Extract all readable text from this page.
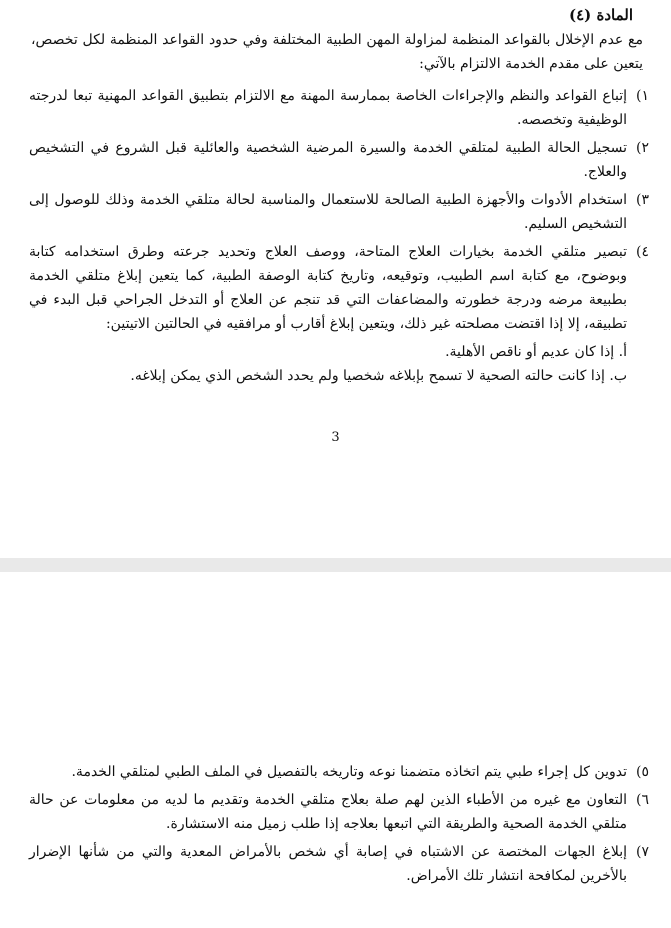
المادة (٤)

مع عدم الإخلال بالقواعد المنظمة لمزاولة المهن الطبية المختلفة وفي حدود القواعد المنظمة لكل تخصص، يتعين على مقدم الخدمة الالتزام بالآتي:

١)
إتباع القواعد والنظم والإجراءات الخاصة بممارسة المهنة مع الالتزام بتطبيق القواعد المهنية تبعا لدرجته الوظيفية وتخصصه.
٢)
تسجيل الحالة الطبية لمتلقي الخدمة والسيرة المرضية الشخصية والعائلية قبل الشروع في التشخيص والعلاج.
٣)
استخدام الأدوات والأجهزة الطبية الصالحة للاستعمال والمناسبة لحالة متلقي الخدمة وذلك للوصول إلى التشخيص السليم.
٤)
تبصير متلقي الخدمة بخيارات العلاج المتاحة، ووصف العلاج وتحديد جرعته وطرق استخدامه كتابة وبوضوح، مع كتابة اسم الطبيب، وتوقيعه، وتاريخ كتابة الوصفة الطبية، كما يتعين إبلاغ متلقي الخدمة بطبيعة مرضه ودرجة خطورته والمضاعفات التي قد تنجم عن العلاج أو التدخل الجراحي قبل البدء في تطبيقه، إلا إذا اقتضت مصلحته غير ذلك، ويتعين إبلاغ أقارب أو مرافقيه في الحالتين الاتيتين:

أ. إذا كان عديم أو ناقص الأهلية.

ب. إذا كانت حالته الصحية لا تسمح بإبلاغه شخصيا ولم يحدد الشخص الذي يمكن إبلاغه.

3

٥)
تدوين كل إجراء طبي يتم اتخاذه متضمنا نوعه وتاريخه بالتفصيل في الملف الطبي لمتلقي الخدمة.
٦)
التعاون مع غيره من الأطباء الذين لهم صلة بعلاج متلقي الخدمة وتقديم ما لديه من معلومات عن حالة متلقي الخدمة الصحية والطريقة التي اتبعها بعلاجه إذا طلب زميل منه الاستشارة.
٧)
إبلاغ الجهات المختصة عن الاشتباه في إصابة أي شخص بالأمراض المعدية والتي من شأنها الإضرار بالأخرين لمكافحة انتشار تلك الأمراض.
